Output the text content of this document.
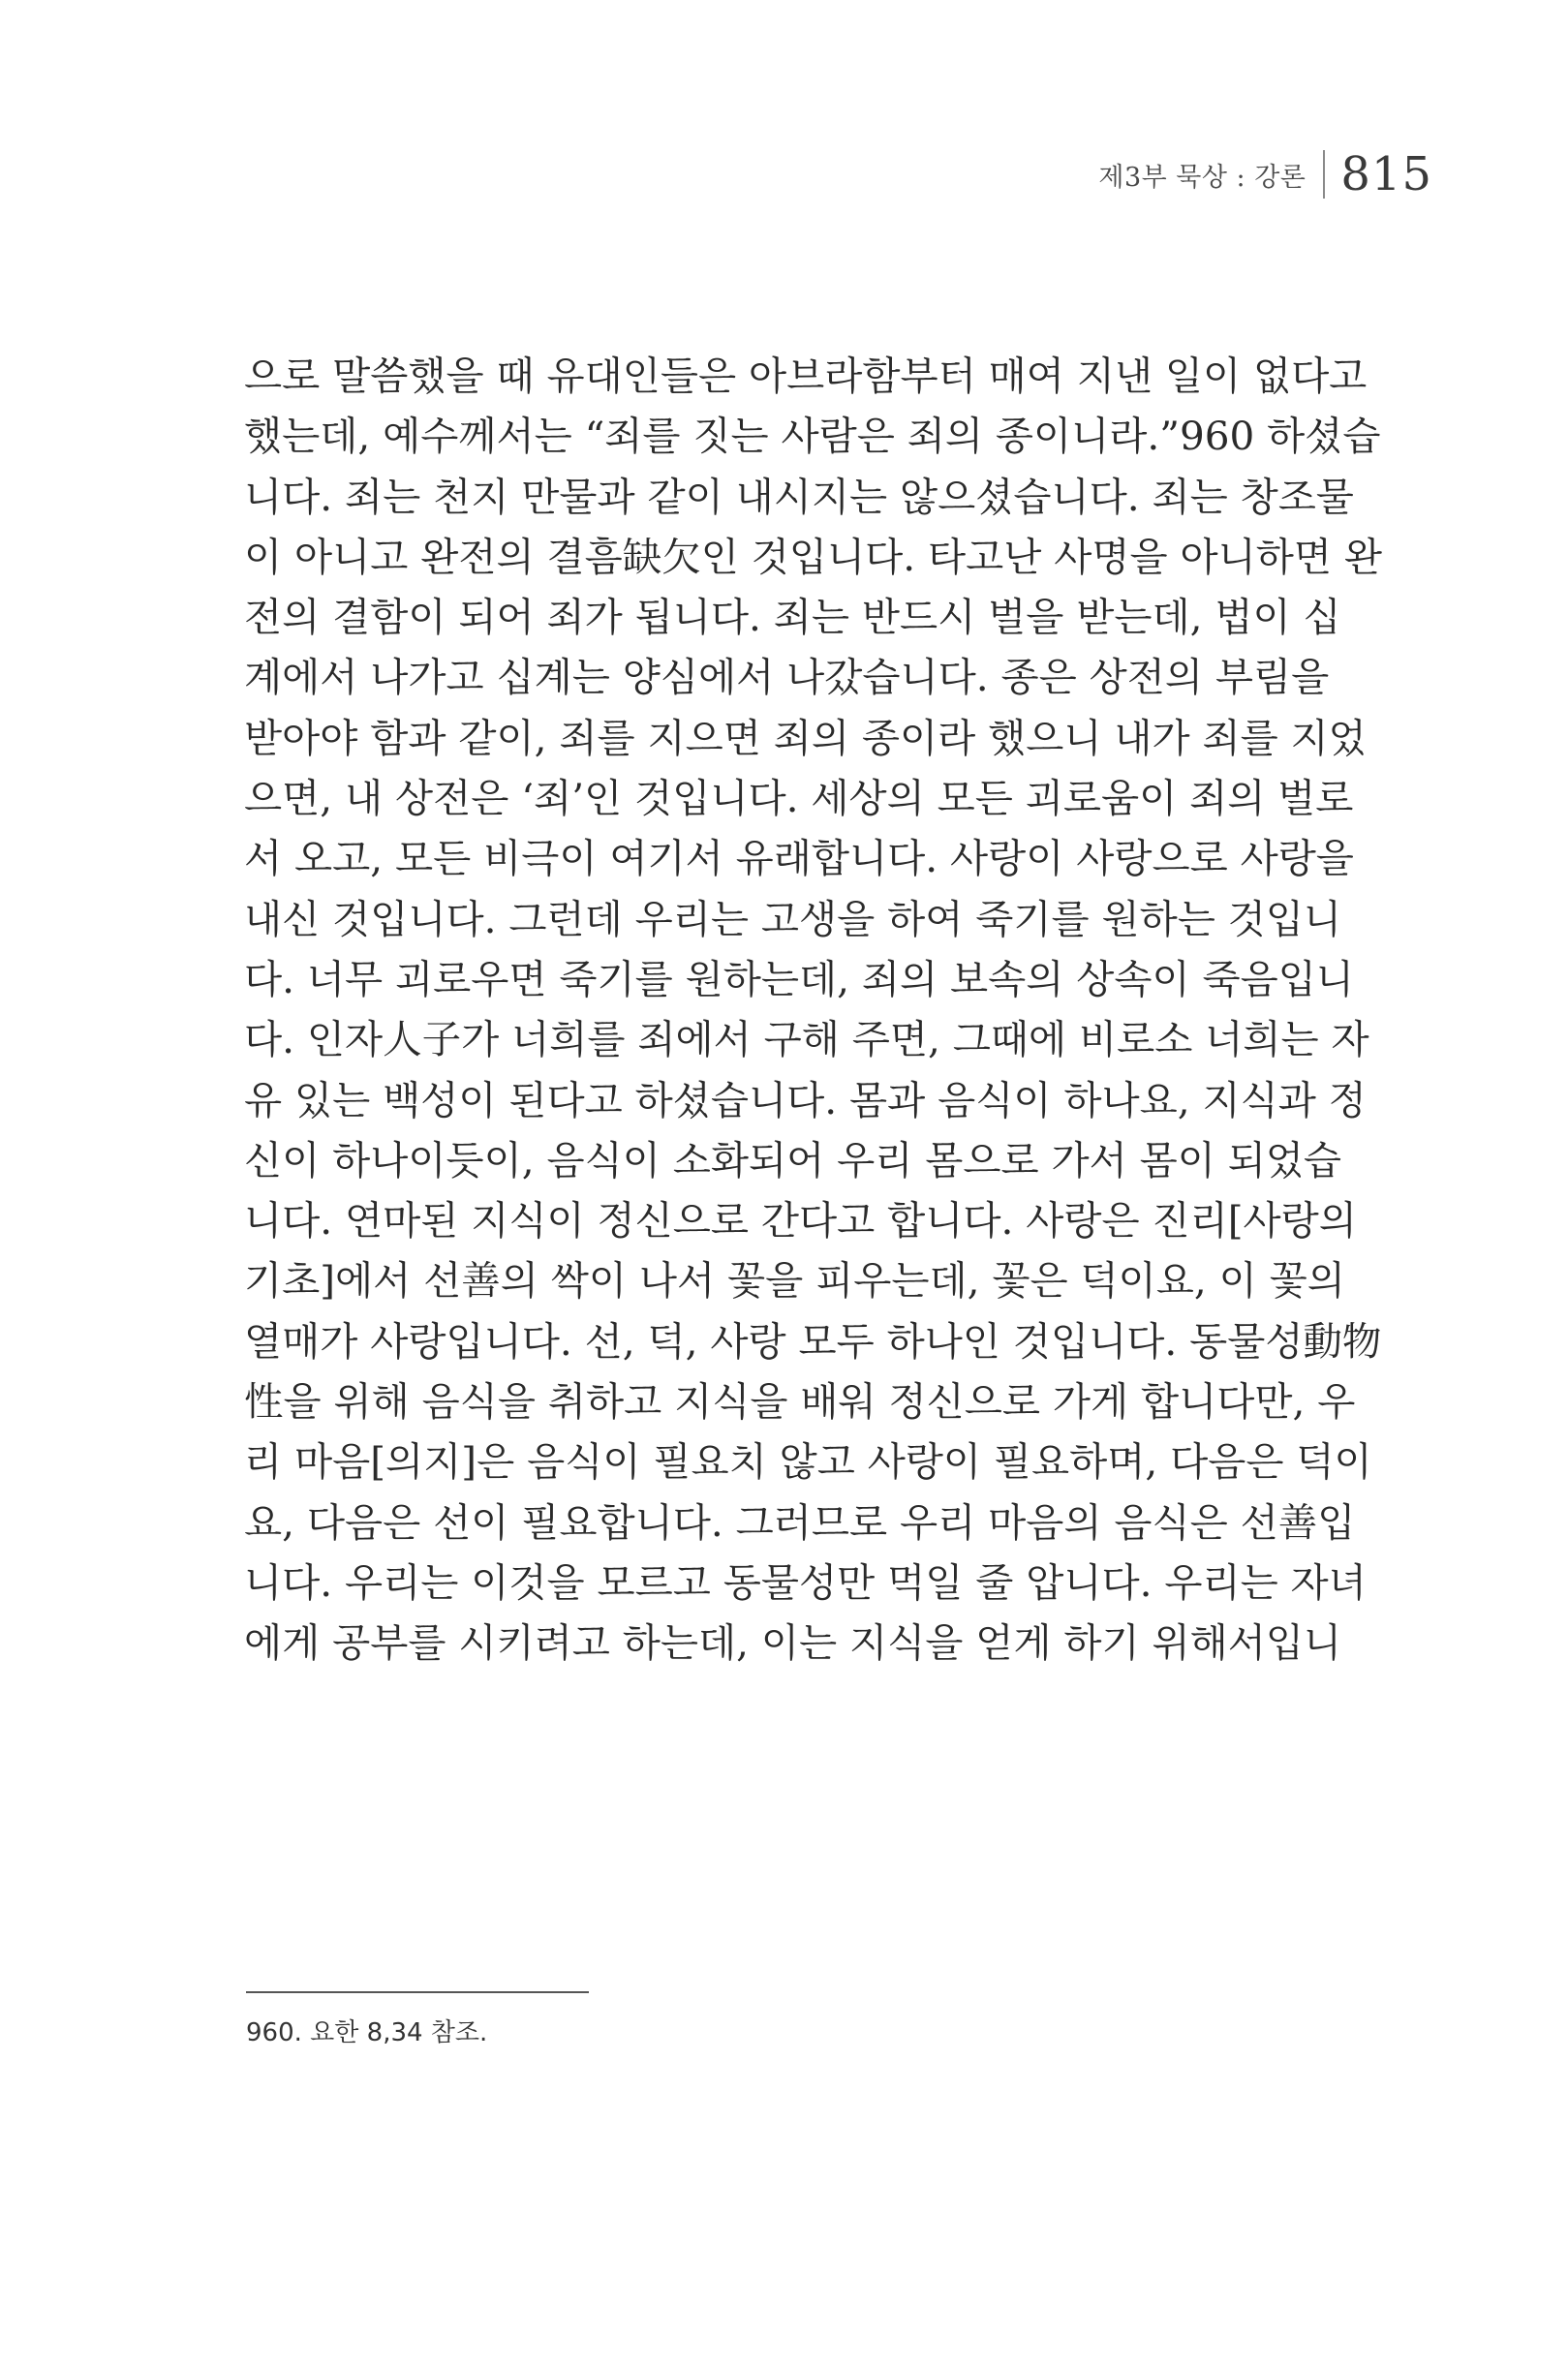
제3부 묵상 : 강론 815
으로 말씀했을 때 유대인들은 아브라함부터 매여 지낸 일이 없다고
했는데, 예수께서는 “죄를 짓는 사람은 죄의 종이니라.”960 하셨습
니다. 죄는 천지 만물과 같이 내시지는 않으셨습니다. 죄는 창조물
이 아니고 완전의 결흠缺欠인 것입니다. 타고난 사명을 아니하면 완
전의 결함이 되어 죄가 됩니다. 죄는 반드시 벌을 받는데, 법이 십
계에서 나가고 십계는 양심에서 나갔습니다. 종은 상전의 부림을
받아야 함과 같이, 죄를 지으면 죄의 종이라 했으니 내가 죄를 지었
으면, 내 상전은 ‘죄’인 것입니다. 세상의 모든 괴로움이 죄의 벌로
서 오고, 모든 비극이 여기서 유래합니다. 사랑이 사랑으로 사랑을
내신 것입니다. 그런데 우리는 고생을 하여 죽기를 원하는 것입니
다. 너무 괴로우면 죽기를 원하는데, 죄의 보속의 상속이 죽음입니
다. 인자人子가 너희를 죄에서 구해 주면, 그때에 비로소 너희는 자
유 있는 백성이 된다고 하셨습니다. 몸과 음식이 하나요, 지식과 정
신이 하나이듯이, 음식이 소화되어 우리 몸으로 가서 몸이 되었습
니다. 연마된 지식이 정신으로 간다고 합니다. 사랑은 진리[사랑의
기초]에서 선善의 싹이 나서 꽃을 피우는데, 꽃은 덕이요, 이 꽃의
열매가 사랑입니다. 선, 덕, 사랑 모두 하나인 것입니다. 동물성動物
性을 위해 음식을 취하고 지식을 배워 정신으로 가게 합니다만, 우
리 마음[의지]은 음식이 필요치 않고 사랑이 필요하며, 다음은 덕이
요, 다음은 선이 필요합니다. 그러므로 우리 마음의 음식은 선善입
니다. 우리는 이것을 모르고 동물성만 먹일 줄 압니다. 우리는 자녀
에게 공부를 시키려고 하는데, 이는 지식을 얻게 하기 위해서입니
960. 요한 8,34 참조.
